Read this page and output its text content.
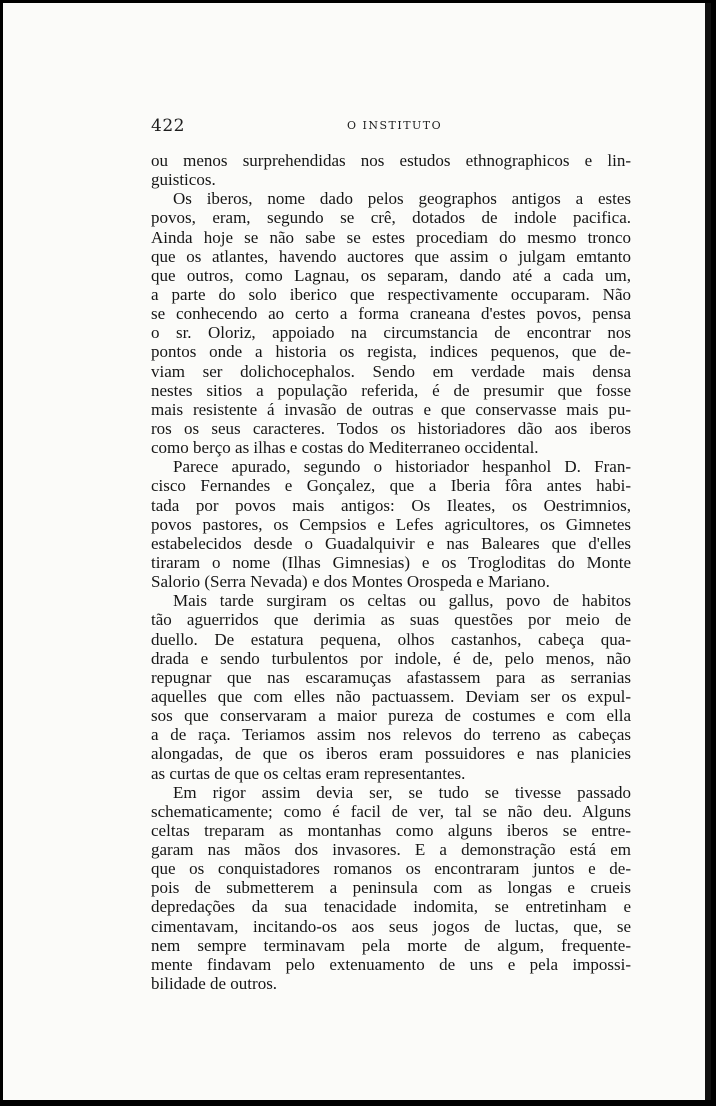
422	O INSTITUTO
ou menos surprehendidas nos estudos ethnographicos e lin-
guisticos.
Os iberos, nome dado pelos geographos antigos a estes
povos, eram, segundo se crê, dotados de indole pacifica.
Ainda hoje se não sabe se estes procediam do mesmo tronco
que os atlantes, havendo auctores que assim o julgam emtanto
que outros, como Lagnau, os separam, dando até a cada um,
a parte do solo iberico que respectivamente occuparam. Não
se conhecendo ao certo a forma craneana d'estes povos, pensa
o sr. Oloriz, appoiado na circumstancia de encontrar nos
pontos onde a historia os regista, indices pequenos, que de-
viam ser dolichocephalos. Sendo em verdade mais densa
nestes sitios a população referida, é de presumir que fosse
mais resistente á invasão de outras e que conservasse mais pu-
ros os seus caracteres. Todos os historiadores dão aos iberos
como berço as ilhas e costas do Mediterraneo occidental.
Parece apurado, segundo o historiador hespanhol D. Fran-
cisco Fernandes e Gonçalez, que a Iberia fôra antes habi-
tada por povos mais antigos: Os Ileates, os Oestrimnios,
povos pastores, os Cempsios e Lefes agricultores, os Gimnetes
estabelecidos desde o Guadalquivir e nas Baleares que d'elles
tiraram o nome (Ilhas Gimnesias) e os Trogloditas do Monte
Salorio (Serra Nevada) e dos Montes Orospeda e Mariano.
Mais tarde surgiram os celtas ou gallus, povo de habitos
tão aguerridos que derimia as suas questões por meio de
duello. De estatura pequena, olhos castanhos, cabeça qua-
drada e sendo turbulentos por indole, é de, pelo menos, não
repugnar que nas escaramuças afastassem para as serranias
aquelles que com elles não pactuassem. Deviam ser os expul-
sos que conservaram a maior pureza de costumes e com ella
a de raça. Teriamos assim nos relevos do terreno as cabeças
alongadas, de que os iberos eram possuidores e nas planicies
as curtas de que os celtas eram representantes.
Em rigor assim devia ser, se tudo se tivesse passado
schematicamente; como é facil de ver, tal se não deu. Alguns
celtas treparam as montanhas como alguns iberos se entre-
garam nas mãos dos invasores. E a demonstração está em
que os conquistadores romanos os encontraram juntos e de-
pois de submetterem a peninsula com as longas e crueis
depredações da sua tenacidade indomita, se entretinham e
cimentavam, incitando-os aos seus jogos de luctas, que, se
nem sempre terminavam pela morte de algum, frequente-
mente findavam pelo extenuamento de uns e pela impossi-
bilidade de outros.
